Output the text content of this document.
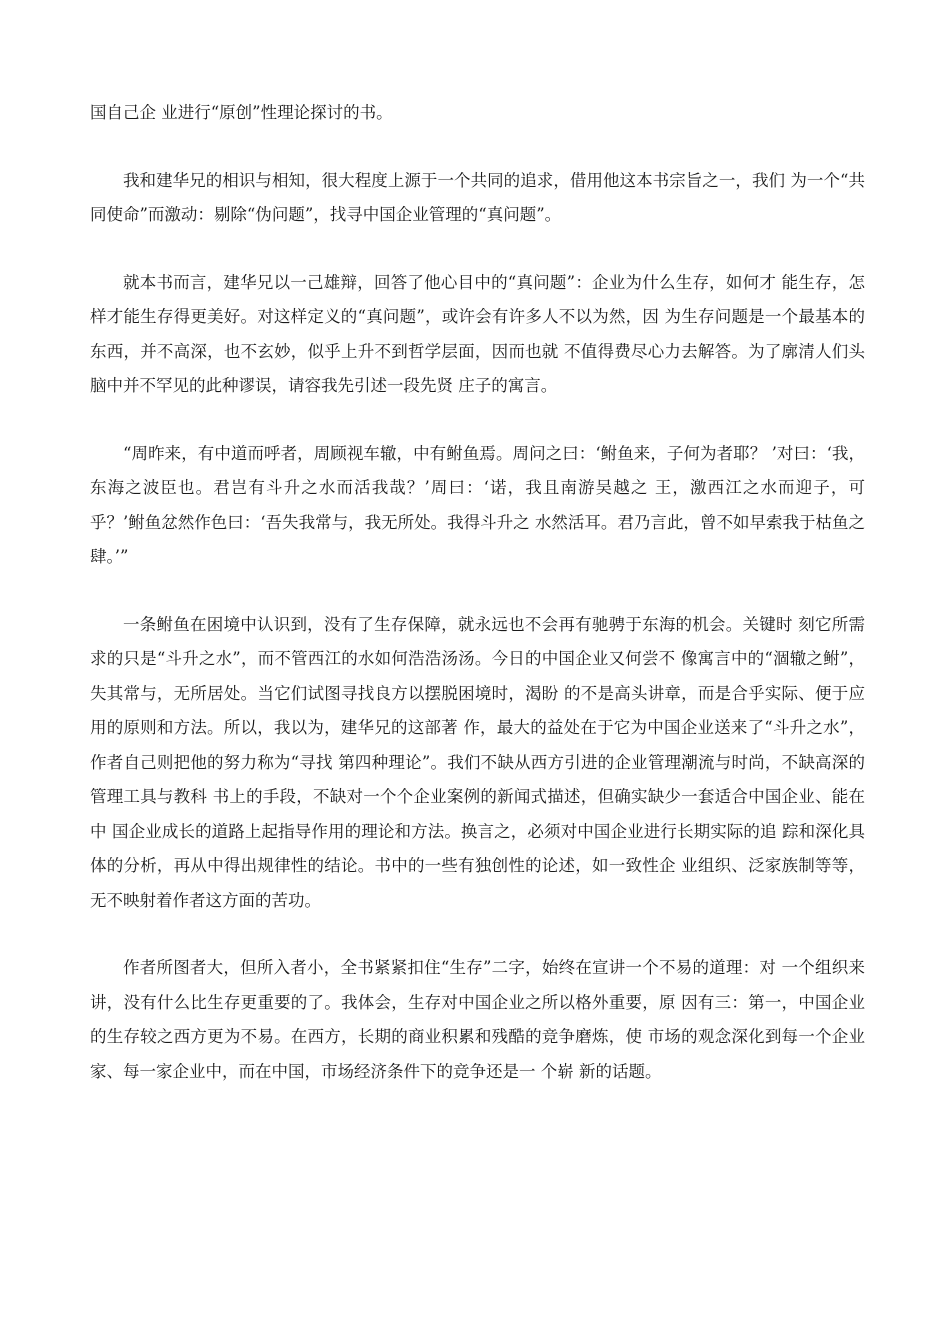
国自己企 业进行“原创”性理论探讨的书。

我和建华兄的相识与相知，很大程度上源于一个共同的追求，借用他这本书宗旨之一，我们 为一个“共同使命”而激动：剔除“伪问题”，找寻中国企业管理的“真问题”。

就本书而言，建华兄以一己雄辩，回答了他心目中的“真问题”：企业为什么生存，如何才 能生存，怎样才能生存得更美好。对这样定义的“真问题”，或许会有许多人不以为然，因 为生存问题是一个最基本的东西，并不高深，也不玄妙，似乎上升不到哲学层面，因而也就 不值得费尽心力去解答。为了廓清人们头脑中并不罕见的此种谬误，请容我先引述一段先贤 庄子的寓言。

“周昨来，有中道而呼者，周顾视车辙，中有鲋鱼焉。周问之曰：‘鲋鱼来，子何为者耶？ ’对曰：‘我，东海之波臣也。君岂有斗升之水而活我哉？’周曰：‘诺，我且南游吴越之 王，激西江之水而迎子，可乎？’鲋鱼忿然作色曰：‘吾失我常与，我无所处。我得斗升之 水然活耳。君乃言此，曾不如早索我于枯鱼之肆。’”

一条鲋鱼在困境中认识到，没有了生存保障，就永远也不会再有驰骋于东海的机会。关键时 刻它所需求的只是“斗升之水”，而不管西江的水如何浩浩汤汤。今日的中国企业又何尝不 像寓言中的“涸辙之鲋”，失其常与，无所居处。当它们试图寻找良方以摆脱困境时，渴盼 的不是高头讲章，而是合乎实际、便于应用的原则和方法。所以，我以为，建华兄的这部著 作，最大的益处在于它为中国企业送来了“斗升之水”，作者自己则把他的努力称为“寻找 第四种理论”。我们不缺从西方引进的企业管理潮流与时尚，不缺高深的管理工具与教科 书上的手段，不缺对一个个企业案例的新闻式描述，但确实缺少一套适合中国企业、能在中 国企业成长的道路上起指导作用的理论和方法。换言之，必须对中国企业进行长期实际的追 踪和深化具体的分析，再从中得出规律性的结论。书中的一些有独创性的论述，如一致性企 业组织、泛家族制等等，无不映射着作者这方面的苦功。

作者所图者大，但所入者小，全书紧紧扣住“生存”二字，始终在宣讲一个不易的道理：对 一个组织来讲，没有什么比生存更重要的了。我体会，生存对中国企业之所以格外重要，原 因有三：第一，中国企业的生存较之西方更为不易。在西方，长期的商业积累和残酷的竞争磨炼，使 市场的观念深化到每一个企业家、每一家企业中，而在中国，市场经济条件下的竞争还是一 个崭 新的话题。
